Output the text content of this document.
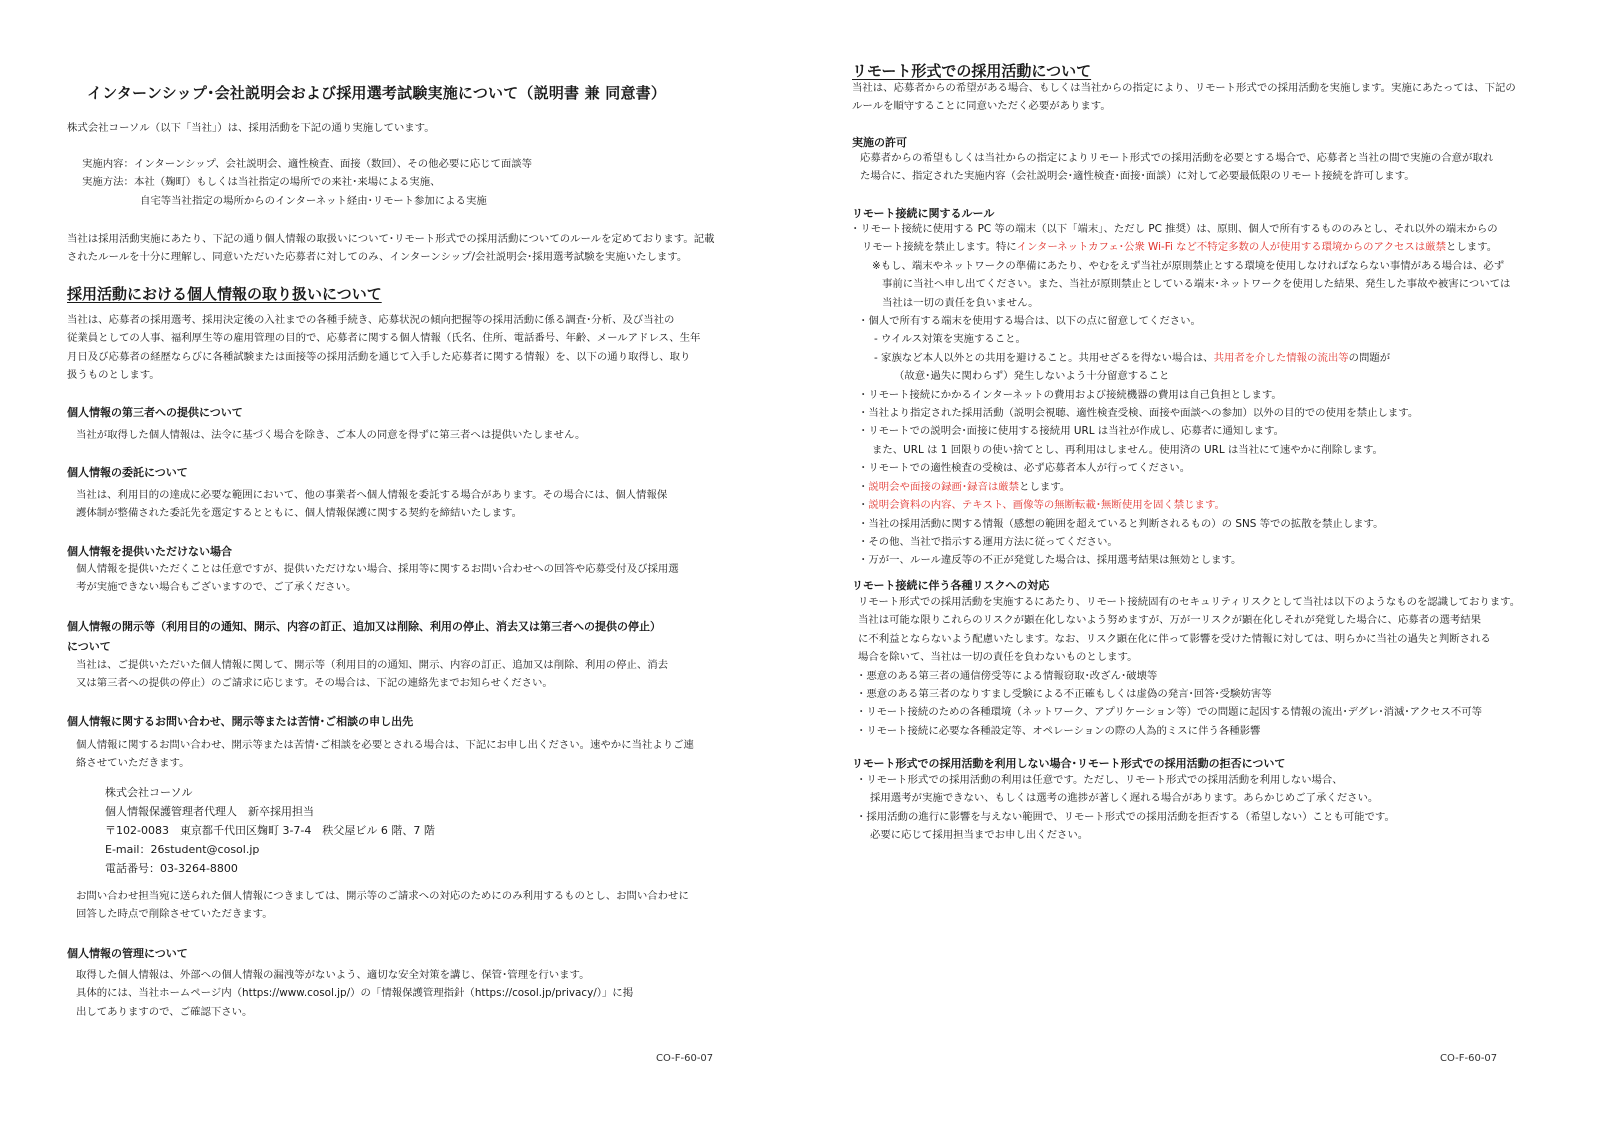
インターンシップ･会社説明会および採用選考試験実施について（説明書 兼 同意書）
株式会社コーソル（以下「当社」）は、採用活動を下記の通り実施しています。
実施内容：インターンシップ、会社説明会、適性検査、面接（数回）、その他必要に応じて面談等
実施方法：本社（麹町）もしくは当社指定の場所での来社･来場による実施、
自宅等当社指定の場所からのインターネット経由･リモート参加による実施
当社は採用活動実施にあたり、下記の通り個人情報の取扱いについて･リモート形式での採用活動についてのルールを定めております。記載
されたルールを十分に理解し、同意いただいた応募者に対してのみ、インターンシップ/会社説明会･採用選考試験を実施いたします。
採用活動における個人情報の取り扱いについて
当社は、応募者の採用選考、採用決定後の入社までの各種手続き、応募状況の傾向把握等の採用活動に係る調査･分析、及び当社の
従業員としての人事、福利厚生等の雇用管理の目的で、応募者に関する個人情報（氏名、住所、電話番号、年齢、メールアドレス、生年
月日及び応募者の経歴ならびに各種試験または面接等の採用活動を通じて入手した応募者に関する情報）を、以下の通り取得し、取り
扱うものとします。
個人情報の第三者への提供について
当社が取得した個人情報は、法令に基づく場合を除き、ご本人の同意を得ずに第三者へは提供いたしません。
個人情報の委託について
当社は、利用目的の達成に必要な範囲において、他の事業者へ個人情報を委託する場合があります。その場合には、個人情報保
護体制が整備された委託先を選定するとともに、個人情報保護に関する契約を締結いたします。
個人情報を提供いただけない場合
個人情報を提供いただくことは任意ですが、提供いただけない場合、採用等に関するお問い合わせへの回答や応募受付及び採用選
考が実施できない場合もございますので、ご了承ください。
個人情報の開示等（利用目的の通知、開示、内容の訂正、追加又は削除、利用の停止、消去又は第三者への提供の停止）
について
当社は、ご提供いただいた個人情報に関して、開示等（利用目的の通知、開示、内容の訂正、追加又は削除、利用の停止、消去
又は第三者への提供の停止）のご請求に応じます。その場合は、下記の連絡先までお知らせください。
個人情報に関するお問い合わせ、開示等または苦情･ご相談の申し出先
個人情報に関するお問い合わせ、開示等または苦情･ご相談を必要とされる場合は、下記にお申し出ください。速やかに当社よりご連
絡させていただきます。
株式会社コーソル
個人情報保護管理者代理人　新卒採用担当
〒102-0083　東京都千代田区麹町 3-7-4　秩父屋ビル 6 階、7 階
E-mail：26student@cosol.jp
電話番号：03-3264-8800
お問い合わせ担当宛に送られた個人情報につきましては、開示等のご請求への対応のためにのみ利用するものとし、お問い合わせに
回答した時点で削除させていただきます。
個人情報の管理について
取得した個人情報は、外部への個人情報の漏洩等がないよう、適切な安全対策を講じ、保管･管理を行います。
具体的には、当社ホームページ内（https://www.cosol.jp/）の「情報保護管理指針（https://cosol.jp/privacy/）」に掲
出してありますので、ご確認下さい。
CO-F-60-07
リモート形式での採用活動について
当社は、応募者からの希望がある場合、もしくは当社からの指定により、リモート形式での採用活動を実施します。実施にあたっては、下記の
ルールを順守することに同意いただく必要があります。
実施の許可
応募者からの希望もしくは当社からの指定によりリモート形式での採用活動を必要とする場合で、応募者と当社の間で実施の合意が取れ
た場合に、指定された実施内容（会社説明会･適性検査･面接･面談）に対して必要最低限のリモート接続を許可します。
リモート接続に関するルール
・ リモート接続に使用する PC 等の端末（以下「端末」、ただし PC 推奨）は、原則、個人で所有するもののみとし、それ以外の端末からの
リモート接続を禁止します。特にインターネットカフェ･公衆 Wi-Fi など不特定多数の人が使用する環境からのアクセスは厳禁とします。
※もし、端末やネットワークの準備にあたり、やむをえず当社が原則禁止とする環境を使用しなければならない事情がある場合は、必ず
事前に当社へ申し出てください。また、当社が原則禁止としている端末･ネットワークを使用した結果、発生した事故や被害については
当社は一切の責任を負いません。
・ 個人で所有する端末を使用する場合は、以下の点に留意してください。
- ウイルス対策を実施すること。
- 家族など本人以外との共用を避けること。共用せざるを得ない場合は、共用者を介した情報の流出等の問題が
（故意･過失に関わらず）発生しないよう十分留意すること
・ リモート接続にかかるインターネットの費用および接続機器の費用は自己負担とします。
・ 当社より指定された採用活動（説明会視聴、適性検査受検、面接や面談への参加）以外の目的での使用を禁止します。
・ リモートでの説明会･面接に使用する接続用 URL は当社が作成し、応募者に通知します。
また、URL は 1 回限りの使い捨てとし、再利用はしません。使用済の URL は当社にて速やかに削除します。
・ リモートでの適性検査の受検は、必ず応募者本人が行ってください。
・ 説明会や面接の録画･録音は厳禁とします。
・ 説明会資料の内容、テキスト、画像等の無断転載･無断使用を固く禁じます。
・ 当社の採用活動に関する情報（感想の範囲を超えていると判断されるもの）の SNS 等での拡散を禁止します。
・ その他、当社で指示する運用方法に従ってください。
・ 万が一、ルール違反等の不正が発覚した場合は、採用選考結果は無効とします。
リモート接続に伴う各種リスクへの対応
リモート形式での採用活動を実施するにあたり、リモート接続固有のセキュリティリスクとして当社は以下のようなものを認識しております。
当社は可能な限りこれらのリスクが顕在化しないよう努めますが、万が一リスクが顕在化しそれが発覚した場合に、応募者の選考結果
に不利益とならないよう配慮いたします。なお、リスク顕在化に伴って影響を受けた情報に対しては、明らかに当社の過失と判断される
場合を除いて、当社は一切の責任を負わないものとします。
・ 悪意のある第三者の通信傍受等による情報窃取･改ざん･破壊等
・ 悪意のある第三者のなりすまし受験による不正確もしくは虚偽の発言･回答･受験妨害等
・ リモート接続のための各種環境（ネットワーク、アプリケーション等）での問題に起因する情報の流出･デグレ･消滅･アクセス不可等
・ リモート接続に必要な各種設定等、オペレーションの際の人為的ミスに伴う各種影響
リモート形式での採用活動を利用しない場合･リモート形式での採用活動の拒否について
・ リモート形式での採用活動の利用は任意です。ただし、リモート形式での採用活動を利用しない場合、
採用選考が実施できない、もしくは選考の進捗が著しく遅れる場合があります。あらかじめご了承ください。
・ 採用活動の進行に影響を与えない範囲で、リモート形式での採用活動を拒否する（希望しない）ことも可能です。
必要に応じて採用担当までお申し出ください。
CO-F-60-07
